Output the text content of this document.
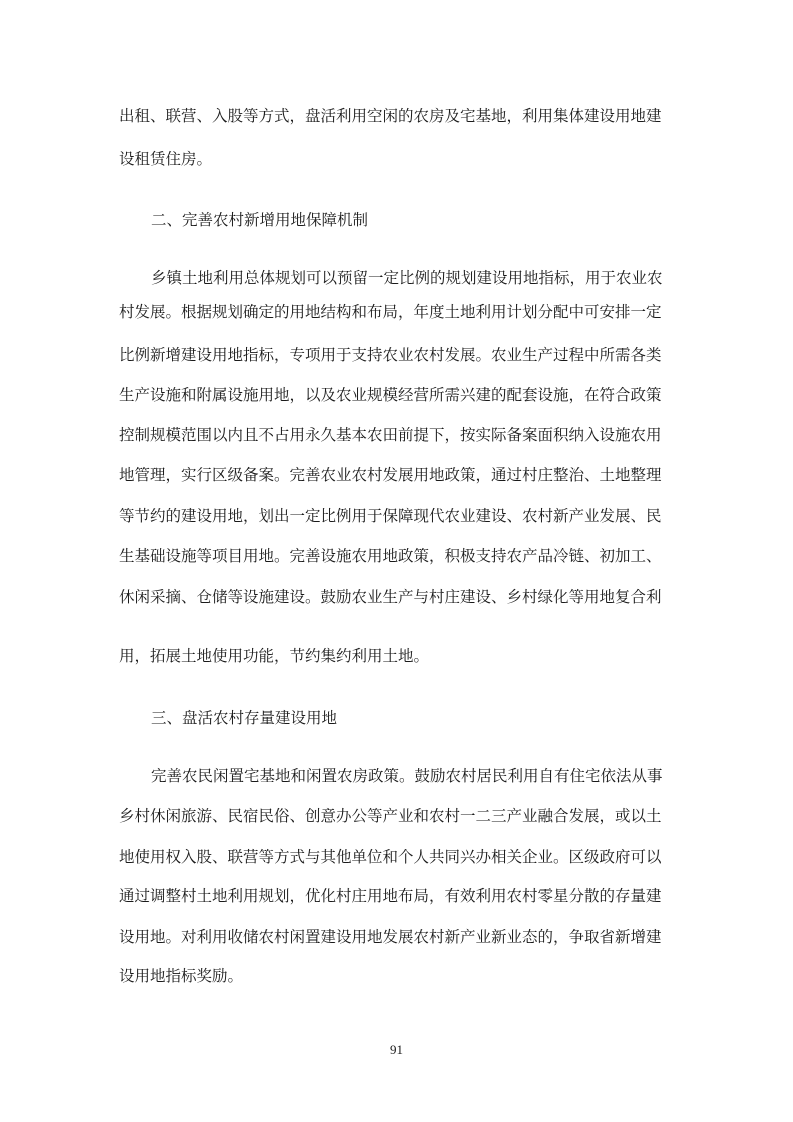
出租、联营、入股等方式，盘活利用空闲的农房及宅基地，利用集体建设用地建
设租赁住房。
二、完善农村新增用地保障机制
乡镇土地利用总体规划可以预留一定比例的规划建设用地指标，用于农业农
村发展。根据规划确定的用地结构和布局，年度土地利用计划分配中可安排一定
比例新增建设用地指标，专项用于支持农业农村发展。农业生产过程中所需各类
生产设施和附属设施用地，以及农业规模经营所需兴建的配套设施，在符合政策
控制规模范围以内且不占用永久基本农田前提下，按实际备案面积纳入设施农用
地管理，实行区级备案。完善农业农村发展用地政策，通过村庄整治、土地整理
等节约的建设用地，划出一定比例用于保障现代农业建设、农村新产业发展、民
生基础设施等项目用地。完善设施农用地政策，积极支持农产品冷链、初加工、
休闲采摘、仓储等设施建设。鼓励农业生产与村庄建设、乡村绿化等用地复合利
用，拓展土地使用功能，节约集约利用土地。
三、盘活农村存量建设用地
完善农民闲置宅基地和闲置农房政策。鼓励农村居民利用自有住宅依法从事
乡村休闲旅游、民宿民俗、创意办公等产业和农村一二三产业融合发展，或以土
地使用权入股、联营等方式与其他单位和个人共同兴办相关企业。区级政府可以
通过调整村土地利用规划，优化村庄用地布局，有效利用农村零星分散的存量建
设用地。对利用收储农村闲置建设用地发展农村新产业新业态的，争取省新增建
设用地指标奖励。
91
